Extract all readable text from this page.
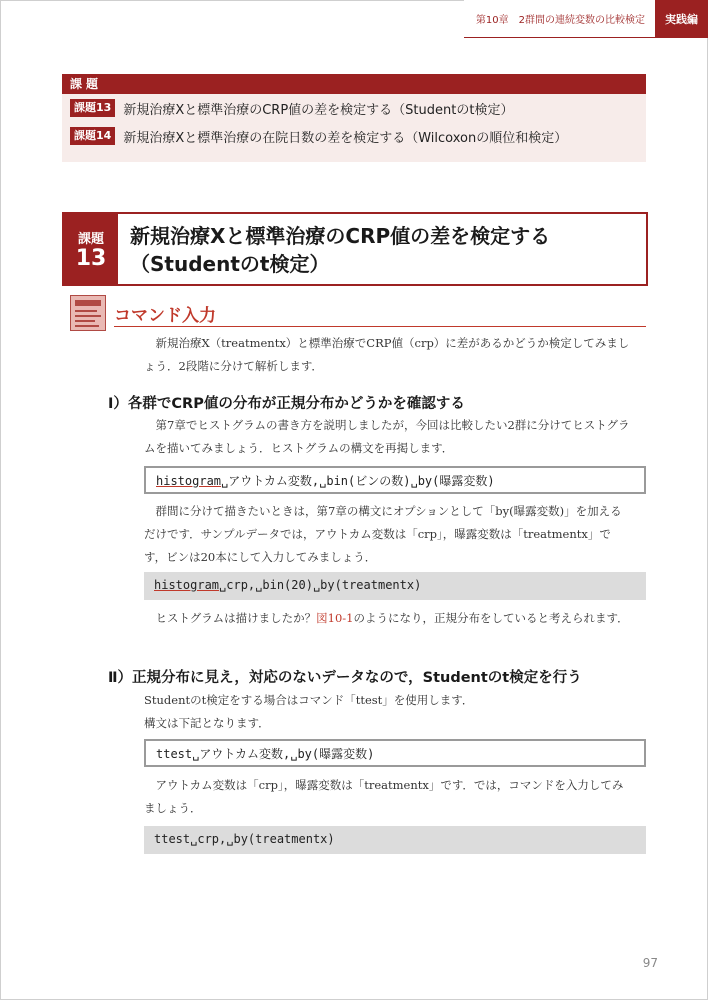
第10章　2群間の連続変数の比較検定	実践編
課題
課題13 新規治療Xと標準治療のCRP値の差を検定する（Studentのt検定）
課題14 新規治療Xと標準治療の在院日数の差を検定する（Wilcoxonの順位和検定）
課題
13
新規治療Xと標準治療のCRP値の差を検定する
（Studentのt検定）
コマンド入力
新規治療X（treatmentx）と標準治療でCRP値（crp）に差があるかどうか検定してみましょう．2段階に分けて解析します．
Ⅰ）各群でCRP値の分布が正規分布かどうかを確認する
第7章でヒストグラムの書き方を説明しましたが，今回は比較したい2群に分けてヒストグラムを描いてみましょう．ヒストグラムの構文を再掲します．
histogram␣アウトカム変数,␣bin(ビンの数)␣by(曝露変数)
群間に分けて描きたいときは，第7章の構文にオプションとして「by(曝露変数)」を加えるだけです．サンプルデータでは，アウトカム変数は「crp」，曝露変数は「treatmentx」です，ビンは20本にして入力してみましょう．
histogram␣crp,␣bin(20)␣by(treatmentx)
ヒストグラムは描けましたか？図10-1のようになり，正規分布をしていると考えられます．
Ⅱ）正規分布に見え，対応のないデータなので，Studentのt検定を行う
Studentのt検定をする場合はコマンド「ttest」を使用します．
構文は下記となります．
ttest␣アウトカム変数,␣by(曝露変数)
アウトカム変数は「crp」，曝露変数は「treatmentx」です．では，コマンドを入力してみましょう．
ttest␣crp,␣by(treatmentx)
97
